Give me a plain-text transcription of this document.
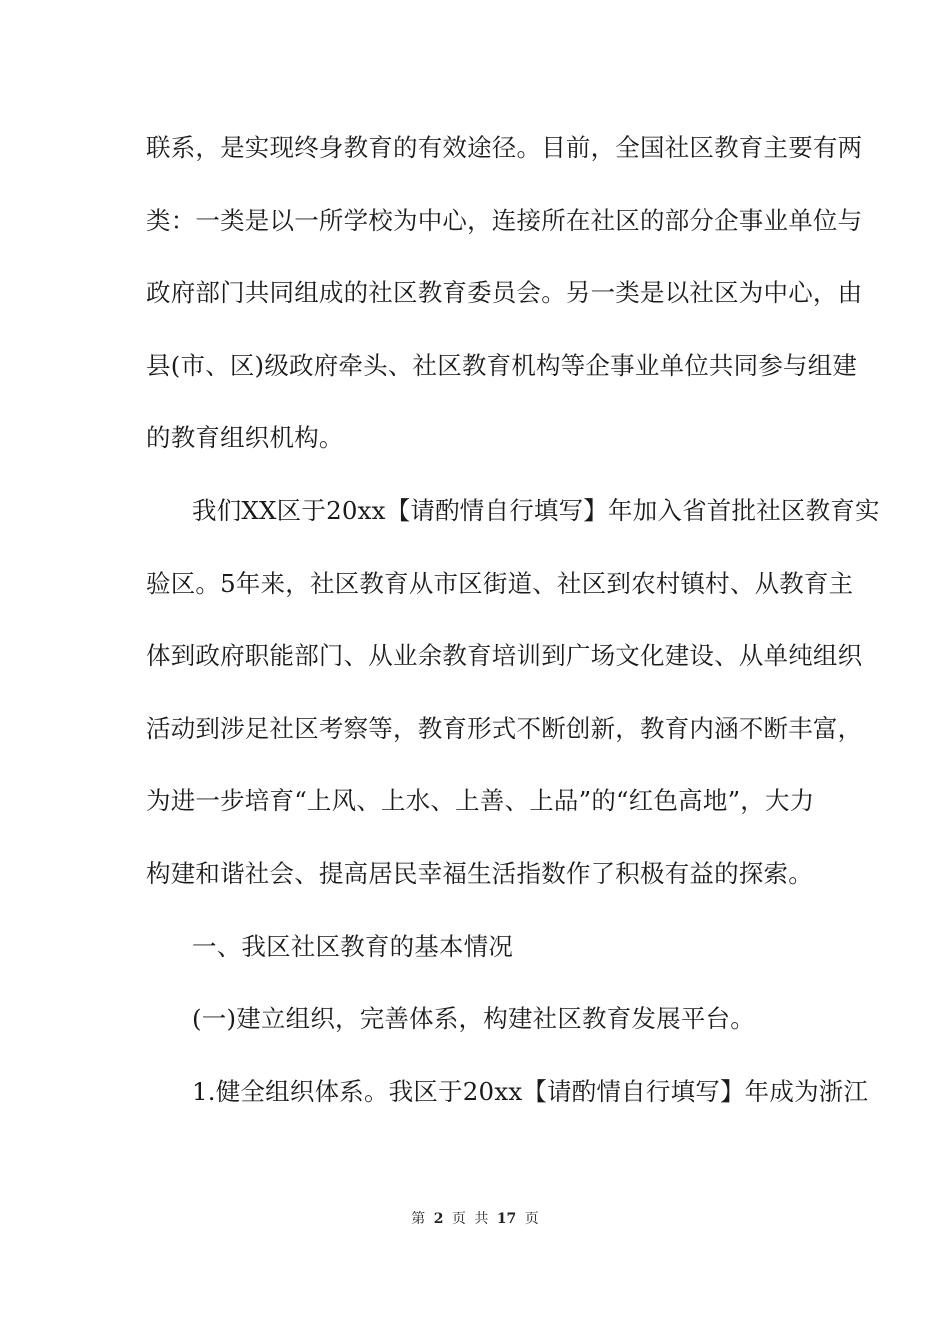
联系，是实现终身教育的有效途径。目前，全国社区教育主要有两
类：一类是以一所学校为中心，连接所在社区的部分企事业单位与
政府部门共同组成的社区教育委员会。另一类是以社区为中心，由
县(市、区)级政府牵头、社区教育机构等企事业单位共同参与组建
的教育组织机构。
我们XX区于20xx【请酌情自行填写】年加入省首批社区教育实
验区。5年来，社区教育从市区街道、社区到农村镇村、从教育主
体到政府职能部门、从业余教育培训到广场文化建设、从单纯组织
活动到涉足社区考察等，教育形式不断创新，教育内涵不断丰富，
为进一步培育“上风、上水、上善、上品”的“红色高地”，大力
构建和谐社会、提高居民幸福生活指数作了积极有益的探索。
一、我区社区教育的基本情况
(一)建立组织，完善体系，构建社区教育发展平台。
1.健全组织体系。我区于20xx【请酌情自行填写】年成为浙江
第 2 页 共 17 页
